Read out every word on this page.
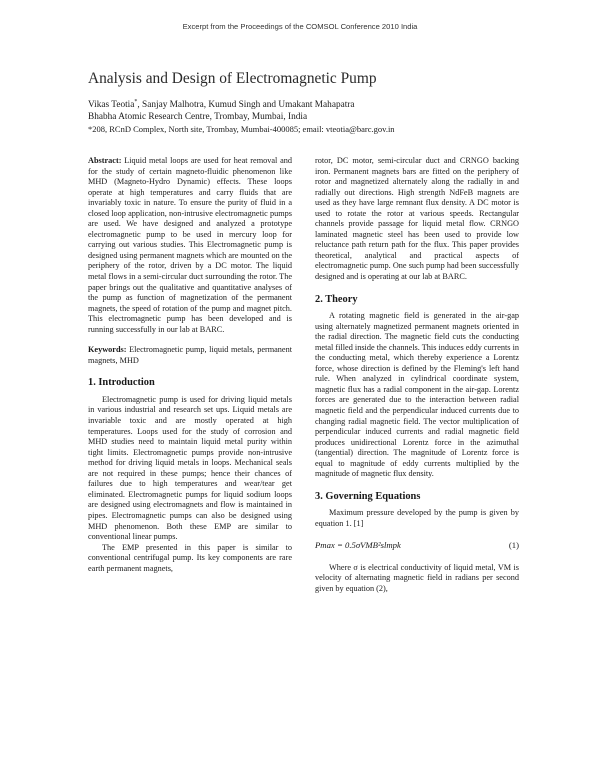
Excerpt from the Proceedings of the COMSOL Conference 2010 India
Analysis and Design of Electromagnetic Pump
Vikas Teotia*, Sanjay Malhotra, Kumud Singh and Umakant Mahapatra
Bhabha Atomic Research Centre, Trombay, Mumbai, India
*208, RCnD Complex, North site, Trombay, Mumbai-400085; email: vteotia@barc.gov.in

Abstract: Liquid metal loops are used for heat removal and for the study of certain magneto-fluidic phenomenon like MHD (Magneto-Hydro Dynamic) effects. These loops operate at high temperatures and carry fluids that are invariably toxic in nature. To ensure the purity of fluid in a closed loop application, non-intrusive electromagnetic pumps are used. We have designed and analyzed a prototype electromagnetic pump to be used in mercury loop for carrying out various studies. This Electromagnetic pump is designed using permanent magnets which are mounted on the periphery of the rotor, driven by a DC motor. The liquid metal flows in a semi-circular duct surrounding the rotor. The paper brings out the qualitative and quantitative analyses of the pump as function of magnetization of the permanent magnets, the speed of rotation of the pump and magnet pitch. This electromagnetic pump has been developed and is running successfully in our lab at BARC.

Keywords: Electromagnetic pump, liquid metals, permanent magnets, MHD

1. Introduction

Electromagnetic pump is used for driving liquid metals in various industrial and research set ups. Liquid metals are invariable toxic and are mostly operated at high temperatures. Loops used for the study of corrosion and MHD studies need to maintain liquid metal purity within tight limits. Electromagnetic pumps provide non-intrusive method for driving liquid metals in loops. Mechanical seals are not required in these pumps; hence their chances of failures due to high temperatures and wear/tear get eliminated. Electromagnetic pumps for liquid sodium loops are designed using electromagnets and flow is maintained in pipes. Electromagnetic pumps can also be designed using MHD phenomenon. Both these EMP are similar to conventional linear pumps.

The EMP presented in this paper is similar to conventional centrifugal pump. Its key components are rare earth permanent magnets,

rotor, DC motor, semi-circular duct and CRNGO backing iron. Permanent magnets bars are fitted on the periphery of rotor and magnetized alternately along the radially in and radially out directions. High strength NdFeB magnets are used as they have large remnant flux density. A DC motor is used to rotate the rotor at various speeds. Rectangular channels provide passage for liquid metal flow. CRNGO laminated magnetic steel has been used to provide low reluctance path return path for the flux. This paper provides theoretical, analytical and practical aspects of electromagnetic pump. One such pump had been successfully designed and is operating at our lab at BARC.

2. Theory

A rotating magnetic field is generated in the air-gap using alternately magnetized permanent magnets oriented in the radial direction. The magnetic field cuts the conducting metal filled inside the channels. This induces eddy currents in the conducting metal, which thereby experience a Lorentz force, whose direction is defined by the Fleming's left hand rule. When analyzed in cylindrical coordinate system, magnetic flux has a radial component in the air-gap. Lorentz forces are generated due to the interaction between radial magnetic field and the perpendicular induced currents due to changing radial magnetic field. The vector multiplication of perpendicular induced currents and radial magnetic field produces unidirectional Lorentz force in the azimuthal (tangential) direction. The magnitude of Lorentz force is equal to magnitude of eddy currents multiplied by the magnitude of magnetic flux density.

3. Governing Equations

Maximum pressure developed by the pump is given by equation 1. [1]

Pmax = 0.5σVMB²slmpk	(1)

Where σ is electrical conductivity of liquid metal, VM is velocity of alternating magnetic field in radians per second given by equation (2),
